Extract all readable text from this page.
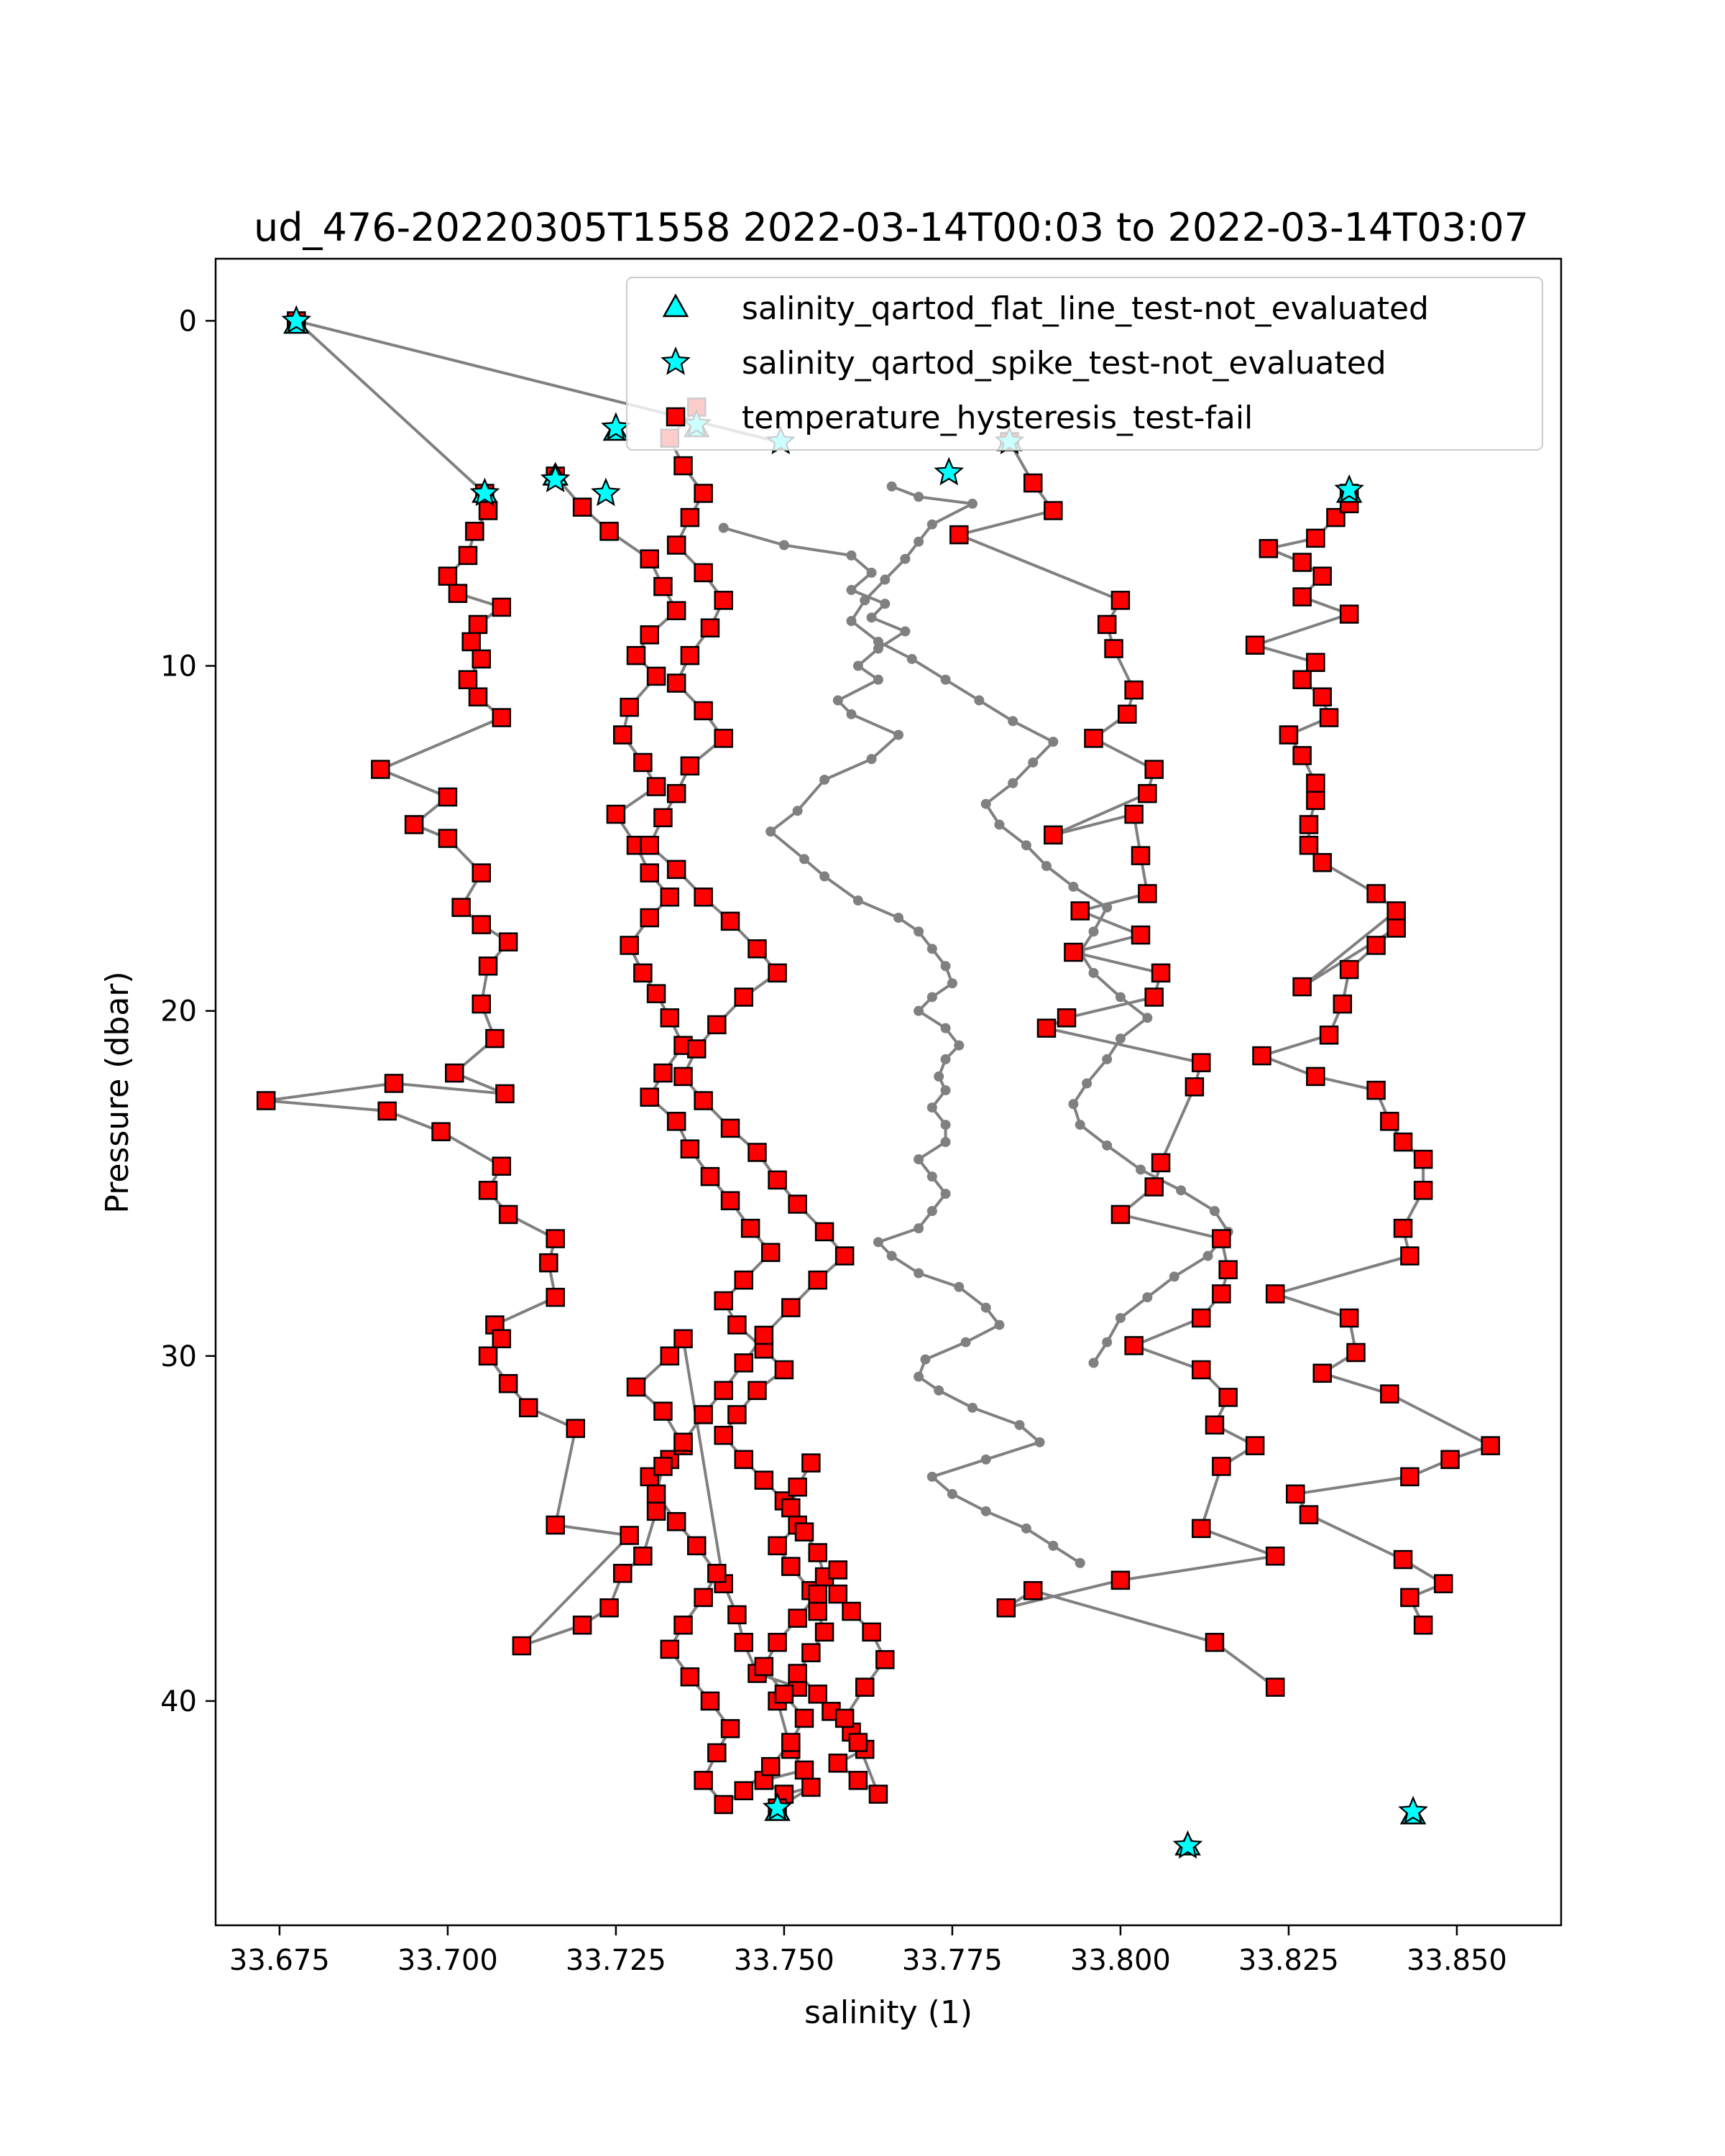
ud_476-20220305T1558 2022-03-14T00:03 to 2022-03-14T03:07
33.675 33.700 33.725 33.750 33.775 33.800 33.825 33.850
0
10
20
30
40
salinity (1)
Pressure (dbar)
salinity_qartod_flat_line_test-not_evaluated
salinity_qartod_spike_test-not_evaluated
temperature_hysteresis_test-fail
